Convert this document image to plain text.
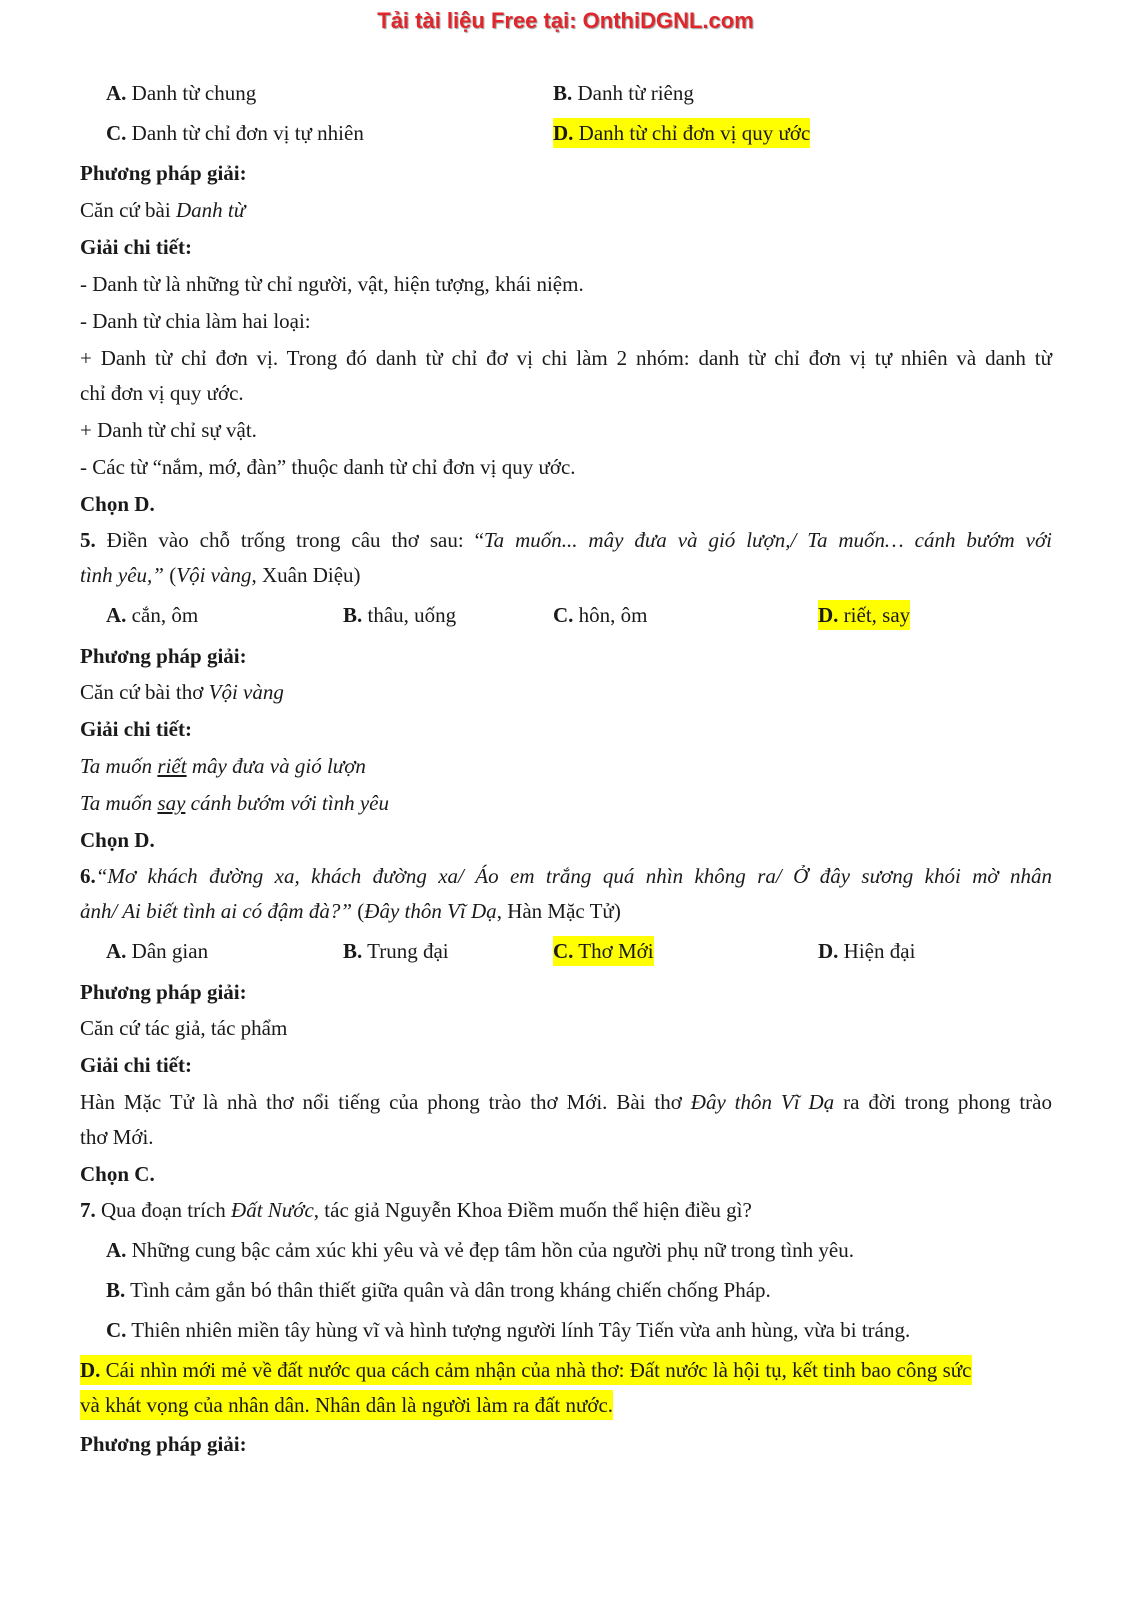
Tải tài liệu Free tại: OnthiDGNL.com
A. Danh từ chung	B. Danh từ riêng
C. Danh từ chỉ đơn vị tự nhiên	D. Danh từ chỉ đơn vị quy ước
Phương pháp giải:
Căn cứ bài Danh từ
Giải chi tiết:
- Danh từ là những từ chỉ người, vật, hiện tượng, khái niệm.
- Danh từ chia làm hai loại:
+ Danh từ chỉ đơn vị. Trong đó danh từ chỉ đơ vị chi làm 2 nhóm: danh từ chỉ đơn vị tự nhiên và danh từ
chỉ đơn vị quy ước.
+ Danh từ chỉ sự vật.
- Các từ “nắm, mớ, đàn” thuộc danh từ chỉ đơn vị quy ước.
Chọn D.
5. Điền vào chỗ trống trong câu thơ sau: “Ta muốn... mây đưa và gió lượn,/ Ta muốn… cánh bướm với
tình yêu,” (Vội vàng, Xuân Diệu)
A. cắn, ôm	B. thâu, uống	C. hôn, ôm	D. riết, say
Phương pháp giải:
Căn cứ bài thơ Vội vàng
Giải chi tiết:
Ta muốn riết mây đưa và gió lượn
Ta muốn say cánh bướm với tình yêu
Chọn D.
6.“Mơ khách đường xa, khách đường xa/ Áo em trắng quá nhìn không ra/ Ở đây sương khói mờ nhân
ảnh/ Ai biết tình ai có đậm đà?” (Đây thôn Vĩ Dạ, Hàn Mặc Tử)
A. Dân gian	B. Trung đại	C. Thơ Mới	D. Hiện đại
Phương pháp giải:
Căn cứ tác giả, tác phẩm
Giải chi tiết:
Hàn Mặc Tử là nhà thơ nổi tiếng của phong trào thơ Mới. Bài thơ Đây thôn Vĩ Dạ ra đời trong phong trào
thơ Mới.
Chọn C.
7. Qua đoạn trích Đất Nước, tác giả Nguyễn Khoa Điềm muốn thể hiện điều gì?
A. Những cung bậc cảm xúc khi yêu và vẻ đẹp tâm hồn của người phụ nữ trong tình yêu.
B. Tình cảm gắn bó thân thiết giữa quân và dân trong kháng chiến chống Pháp.
C. Thiên nhiên miền tây hùng vĩ và hình tượng người lính Tây Tiến vừa anh hùng, vừa bi tráng.
D. Cái nhìn mới mẻ về đất nước qua cách cảm nhận của nhà thơ: Đất nước là hội tụ, kết tinh bao công sức
và khát vọng của nhân dân. Nhân dân là người làm ra đất nước.
Phương pháp giải:
